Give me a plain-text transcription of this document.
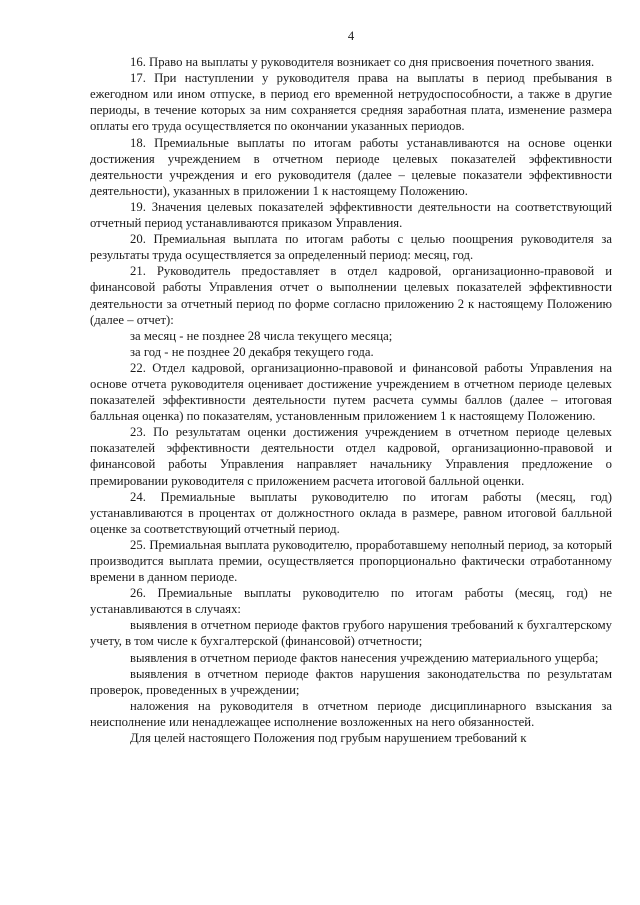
4

16. Право на выплаты у руководителя возникает со дня присвоения почетного звания.

17. При наступлении у руководителя права на выплаты в период пребывания в ежегодном или ином отпуске, в период его временной нетрудоспособности, а также в другие периоды, в течение которых за ним сохраняется средняя заработная плата, изменение размера оплаты его труда осуществляется по окончании указанных периодов.

18. Премиальные выплаты по итогам работы устанавливаются на основе оценки достижения учреждением в отчетном периоде целевых показателей эффективности деятельности учреждения и его руководителя (далее – целевые показатели эффективности деятельности), указанных в приложении 1 к настоящему Положению.

19. Значения целевых показателей эффективности деятельности на соответствующий отчетный период устанавливаются приказом Управления.

20. Премиальная выплата по итогам работы с целью поощрения руководителя за результаты труда осуществляется за определенный период: месяц, год.

21. Руководитель предоставляет в отдел кадровой, организационно-правовой и финансовой работы Управления отчет о выполнении целевых показателей эффективности деятельности за отчетный период по форме согласно приложению 2 к настоящему Положению (далее – отчет):

за месяц - не позднее 28 числа текущего месяца;

за год - не позднее 20 декабря текущего года.

22. Отдел кадровой, организационно-правовой и финансовой работы Управления на основе отчета руководителя оценивает достижение учреждением в отчетном периоде целевых показателей эффективности деятельности путем расчета суммы баллов (далее – итоговая балльная оценка) по показателям, установленным приложением 1 к настоящему Положению.

23. По результатам оценки достижения учреждением в отчетном периоде целевых показателей эффективности деятельности отдел кадровой, организационно-правовой и финансовой работы Управления направляет начальнику Управления предложение о премировании руководителя с приложением расчета итоговой балльной оценки.

24. Премиальные выплаты руководителю по итогам работы (месяц, год) устанавливаются в процентах от должностного оклада в размере, равном итоговой балльной оценке за соответствующий отчетный период.

25. Премиальная выплата руководителю, проработавшему неполный период, за который производится выплата премии, осуществляется пропорционально фактически отработанному времени в данном периоде.

26. Премиальные выплаты руководителю по итогам работы (месяц, год) не устанавливаются в случаях:

выявления в отчетном периоде фактов грубого нарушения требований к бухгалтерскому учету, в том числе к бухгалтерской (финансовой) отчетности;

выявления в отчетном периоде фактов нанесения учреждению материального ущерба;

выявления в отчетном периоде фактов нарушения законодательства по результатам проверок, проведенных в учреждении;

наложения на руководителя в отчетном периоде дисциплинарного взыскания за неисполнение или ненадлежащее исполнение возложенных на него обязанностей.

Для целей настоящего Положения под грубым нарушением требований к
